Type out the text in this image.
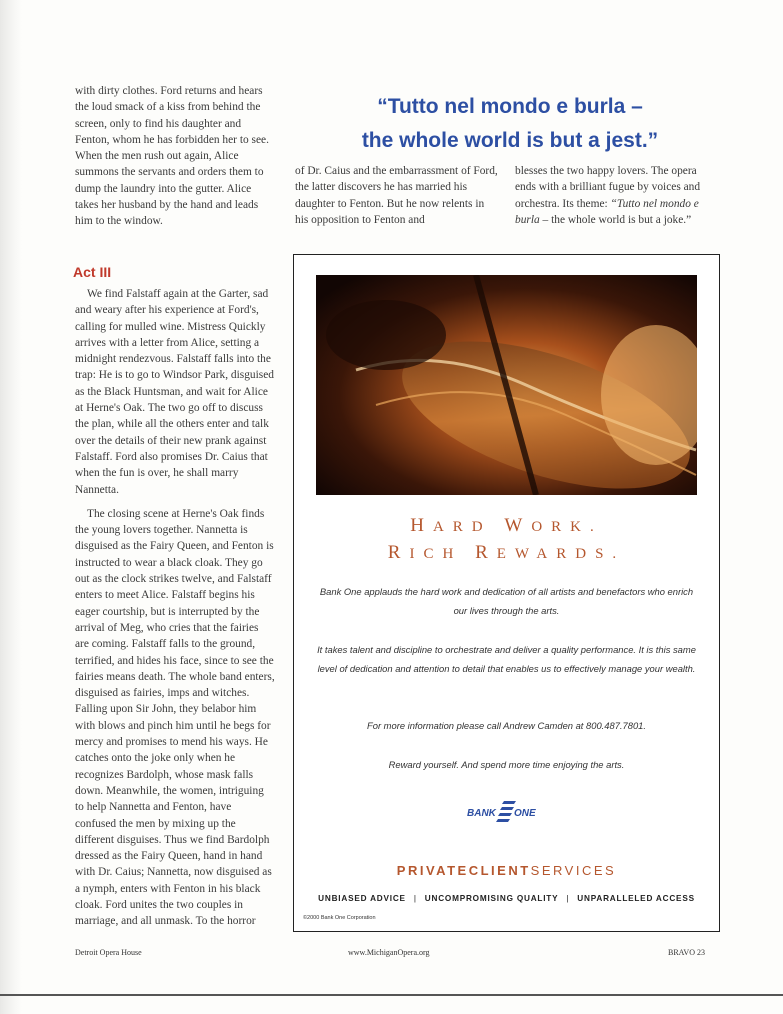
with dirty clothes. Ford returns and hears the loud smack of a kiss from behind the screen, only to find his daughter and Fenton, whom he has forbidden her to see. When the men rush out again, Alice summons the servants and orders them to dump the laundry into the gutter. Alice takes her husband by the hand and leads him to the window.

Act III

We find Falstaff again at the Garter, sad and weary after his experience at Ford's, calling for mulled wine. Mistress Quickly arrives with a letter from Alice, setting a midnight rendezvous. Falstaff falls into the trap: He is to go to Windsor Park, disguised as the Black Huntsman, and wait for Alice at Herne's Oak. The two go off to discuss the plan, while all the others enter and talk over the details of their new prank against Falstaff. Ford also promises Dr. Caius that when the fun is over, he shall marry Nannetta.

The closing scene at Herne's Oak finds the young lovers together. Nannetta is disguised as the Fairy Queen, and Fenton is instructed to wear a black cloak. They go out as the clock strikes twelve, and Falstaff enters to meet Alice. Falstaff begins his eager courtship, but is interrupted by the arrival of Meg, who cries that the fairies are coming. Falstaff falls to the ground, terrified, and hides his face, since to see the fairies means death. The whole band enters, disguised as fairies, imps and witches. Falling upon Sir John, they belabor him with blows and pinch him until he begs for mercy and promises to mend his ways. He catches onto the joke only when he recognizes Bardolph, whose mask falls down. Meanwhile, the women, intriguing to help Nannetta and Fenton, have confused the men by mixing up the different disguises. Thus we find Bardolph dressed as the Fairy Queen, hand in hand with Dr. Caius; Nannetta, now disguised as a nymph, enters with Fenton in his black cloak. Ford unites the two couples in marriage, and all unmask. To the horror

“Tutto nel mondo e burla –
the whole world is but a jest.”

of Dr. Caius and the embarrassment of Ford, the latter discovers he has married his daughter to Fenton. But he now relents in his opposition to Fenton and

blesses the two happy lovers. The opera ends with a brilliant fugue by voices and orchestra. Its theme: “Tutto nel mondo e burla – the whole world is but a joke.”

HARD WORK.
RICH REWARDS.
Bank One applauds the hard work and dedication of all artists and benefactors who enrich our lives through the arts.
It takes talent and discipline to orchestrate and deliver a quality performance. It is this same level of dedication and attention to detail that enables us to effectively manage your wealth.
For more information please call Andrew Camden at 800.487.7801.
Reward yourself. And spend more time enjoying the arts.
BANK ONE
PRIVATECLIENTSERVICES
UNBIASED ADVICE | UNCOMPROMISING QUALITY | UNPARALLELED ACCESS
©2000 Bank One Corporation
Detroit Opera House	www.MichiganOpera.org	BRAVO 23
